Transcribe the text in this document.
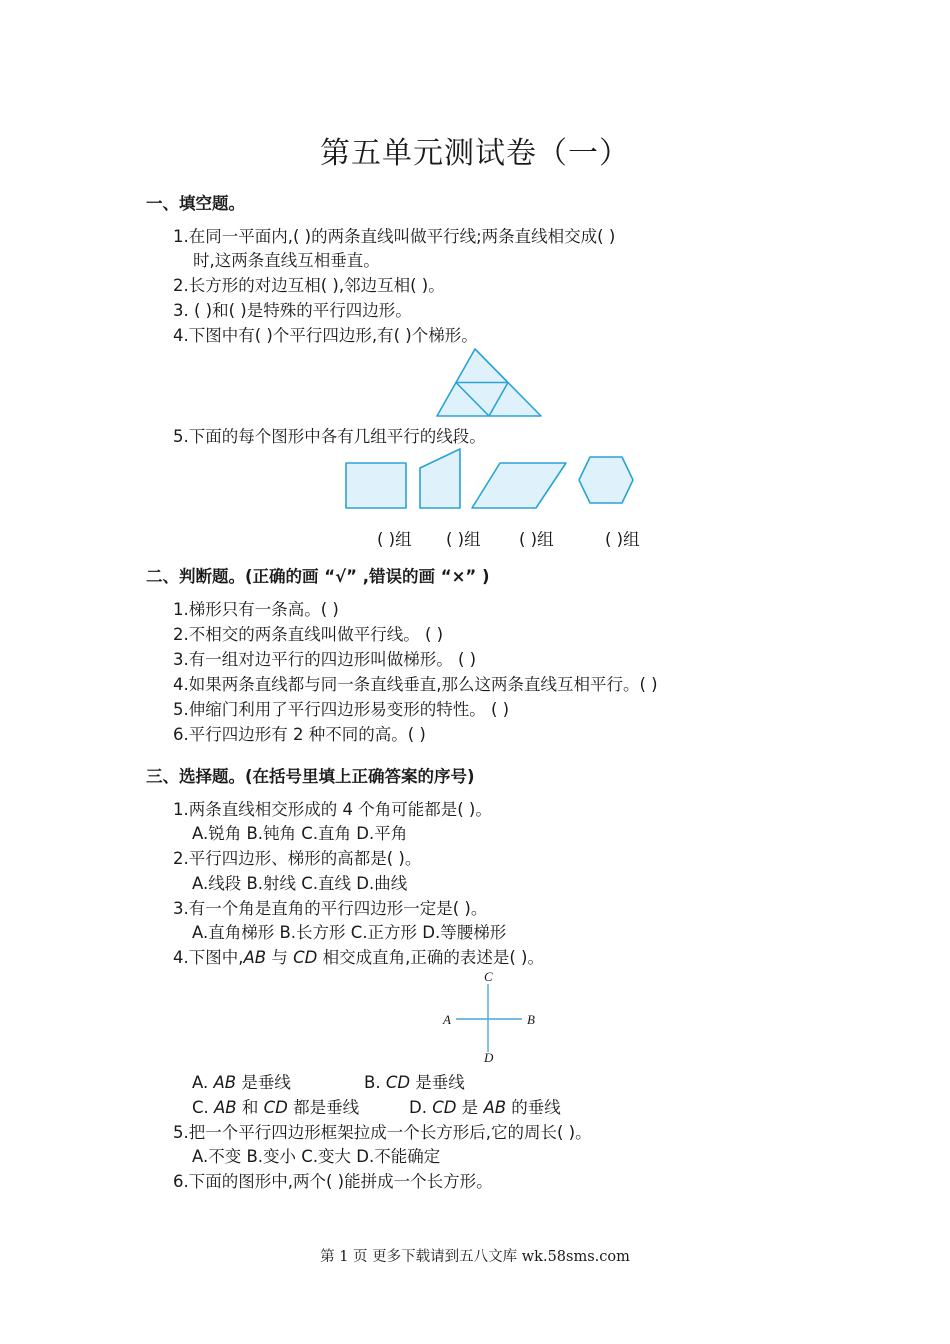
第五单元测试卷（一）
一、填空题。
1.在同一平面内,( )的两条直线叫做平行线;两条直线相交成( )
时,这两条直线互相垂直。
2.长方形的对边互相( ),邻边互相( )。
3. ( )和( )是特殊的平行四边形。
4.下图中有( )个平行四边形,有( )个梯形。
5.下面的每个图形中各有几组平行的线段。
( )组 ( )组 ( )组	( )组
二、判断题。(正确的画 “√” ,错误的画 “×” )
1.梯形只有一条高。( )
2.不相交的两条直线叫做平行线。 ( )
3.有一组对边平行的四边形叫做梯形。 ( )
4.如果两条直线都与同一条直线垂直,那么这两条直线互相平行。( )
5.伸缩门利用了平行四边形易变形的特性。 ( )
6.平行四边形有 2 种不同的高。( )
三、选择题。(在括号里填上正确答案的序号)
1.两条直线相交形成的 4 个角可能都是( )。
A.锐角 B.钝角 C.直角 D.平角
2.平行四边形、梯形的高都是( )。
A.线段 B.射线 C.直线 D.曲线
3.有一个角是直角的平行四边形一定是( )。
A.直角梯形 B.长方形 C.正方形 D.等腰梯形
4.下图中,AB 与 CD 相交成直角,正确的表述是( )。
C
A	B
D
A. AB 是垂线	B. CD 是垂线
C. AB 和 CD 都是垂线	D. CD 是 AB 的垂线
5.把一个平行四边形框架拉成一个长方形后,它的周长( )。
A.不变 B.变小 C.变大 D.不能确定
6.下面的图形中,两个( )能拼成一个长方形。
第 1 页 更多下载请到五八文库 wk.58sms.com
